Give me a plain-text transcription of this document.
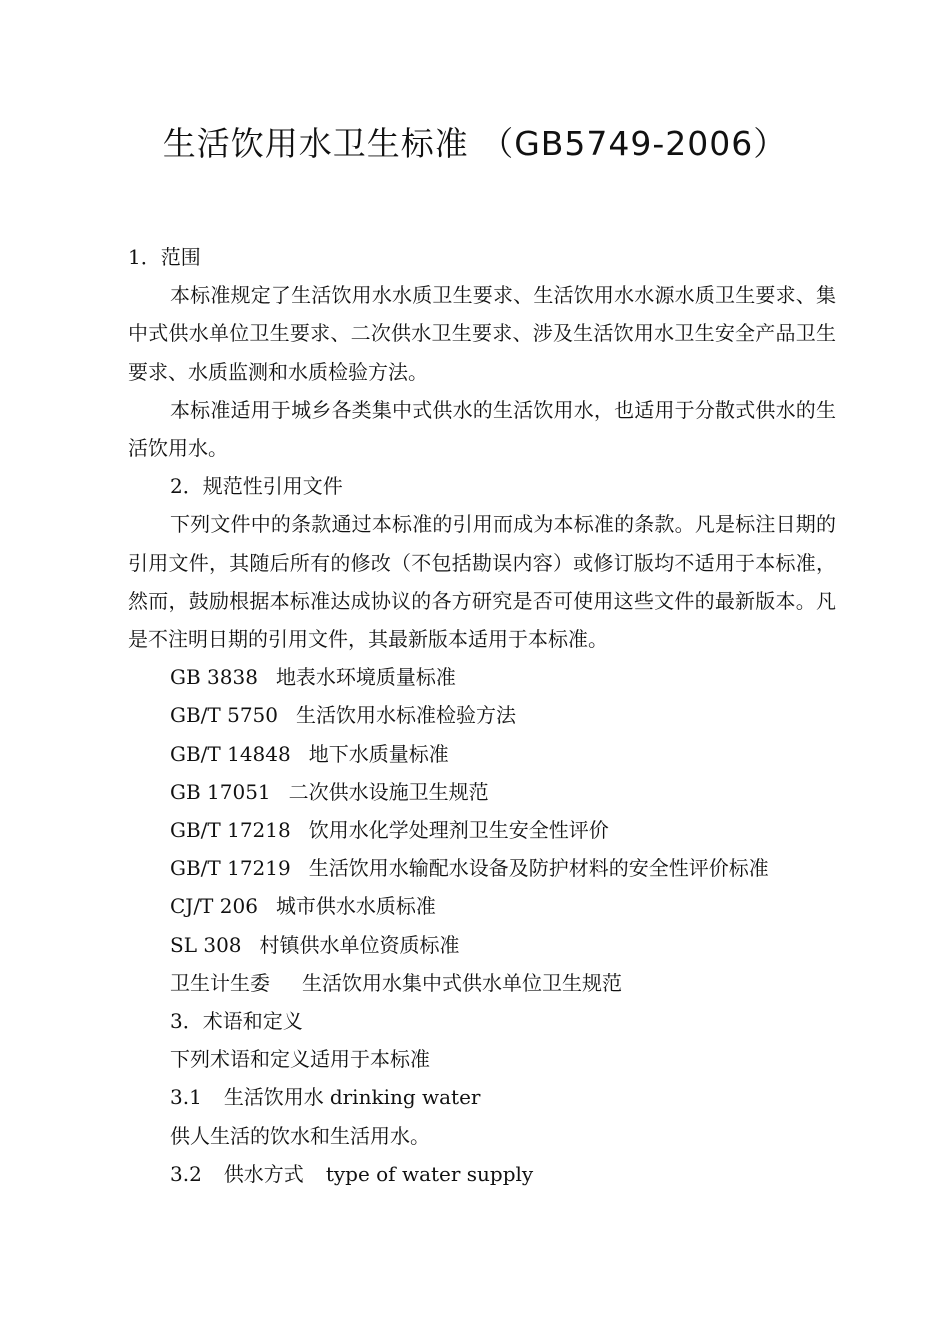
生活饮用水卫生标准 （GB5749-2006）

1．范围

本标准规定了生活饮用水水质卫生要求、生活饮用水水源水质卫生要求、集中式供水单位卫生要求、二次供水卫生要求、涉及生活饮用水卫生安全产品卫生要求、水质监测和水质检验方法。

本标准适用于城乡各类集中式供水的生活饮用水，也适用于分散式供水的生活饮用水。

2．规范性引用文件

下列文件中的条款通过本标准的引用而成为本标准的条款。凡是标注日期的引用文件，其随后所有的修改（不包括勘误内容）或修订版均不适用于本标准，然而，鼓励根据本标准达成协议的各方研究是否可使用这些文件的最新版本。凡是不注明日期的引用文件，其最新版本适用于本标准。

GB 3838 地表水环境质量标准

GB/T 5750 生活饮用水标准检验方法

GB/T 14848 地下水质量标准

GB 17051 二次供水设施卫生规范

GB/T 17218 饮用水化学处理剂卫生安全性评价

GB/T 17219 生活饮用水输配水设备及防护材料的安全性评价标准

CJ/T 206 城市供水水质标准

SL 308 村镇供水单位资质标准

卫生计生委 生活饮用水集中式供水单位卫生规范

3．术语和定义

下列术语和定义适用于本标准

3.1 生活饮用水 drinking water

供人生活的饮水和生活用水。

3.2 供水方式 type of water supply
